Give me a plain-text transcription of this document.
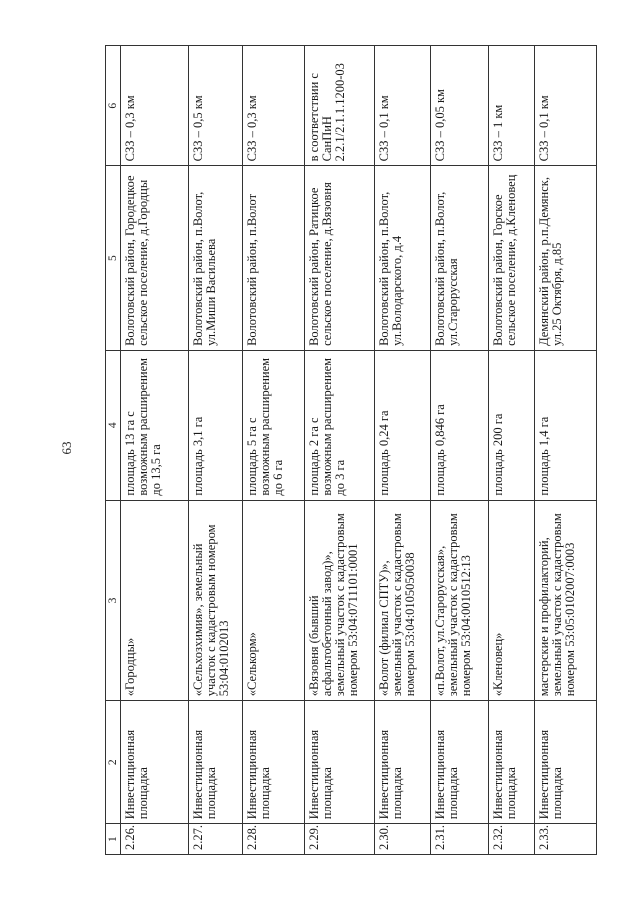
63
1	2	3	4	5	6
2.26.	Инвестиционная площадка	«Городцы»	площадь 13 га с возможным расширением до 13,5 га	Волотовский район, Городецкое сельское поселение, д.Городцы	СЗЗ – 0,3 км
2.27.	Инвестиционная площадка	«Сельхозхимия», земельный участок с кадастровым номером 53:04:0102013	площадь 3,1 га	Волотовский район, п.Волот, ул.Миши Васильева	СЗЗ – 0,5 км
2.28.	Инвестиционная площадка	«Селькорм»	площадь 5 га с возможным расширением до 6 га	Волотовский район, п.Волот	СЗЗ – 0,3 км
2.29.	Инвестиционная площадка	«Вязовня (бывший асфальтобетонный завод)», земельный участок с кадастровым номером 53:04:0711101:0001	площадь 2 га с возможным расширением до 3 га	Волотовский район, Ратицкое сельское поселение, д.Вязовня	в соответствии с СанПиН 2.2.1/2.1.1.1200-03
2.30.	Инвестиционная площадка	«Волот (филиал СПТУ)», земельный участок с кадастровым номером 53:04:0105050038	площадь 0,24 га	Волотовский район, п.Волот, ул.Володарского, д.4	СЗЗ – 0,1 км
2.31.	Инвестиционная площадка	«п.Волот, ул.Старорусская», земельный участок с кадастровым номером 53:04:0010512:13	площадь 0,846 га	Волотовский район, п.Волот, ул.Старорусская	СЗЗ – 0,05 км
2.32.	Инвестиционная площадка	«Кленовец»	площадь 200 га	Волотовский район, Горское сельское поселение, д.Кленовец	СЗЗ – 1 км
2.33.	Инвестиционная площадка	мастерские и профилакторий, земельный участок с кадастровым номером 53:05:0102007:0003	площадь 1,4 га	Демянский район, р.п.Демянск, ул.25 Октября, д.85	СЗЗ – 0,1 км
